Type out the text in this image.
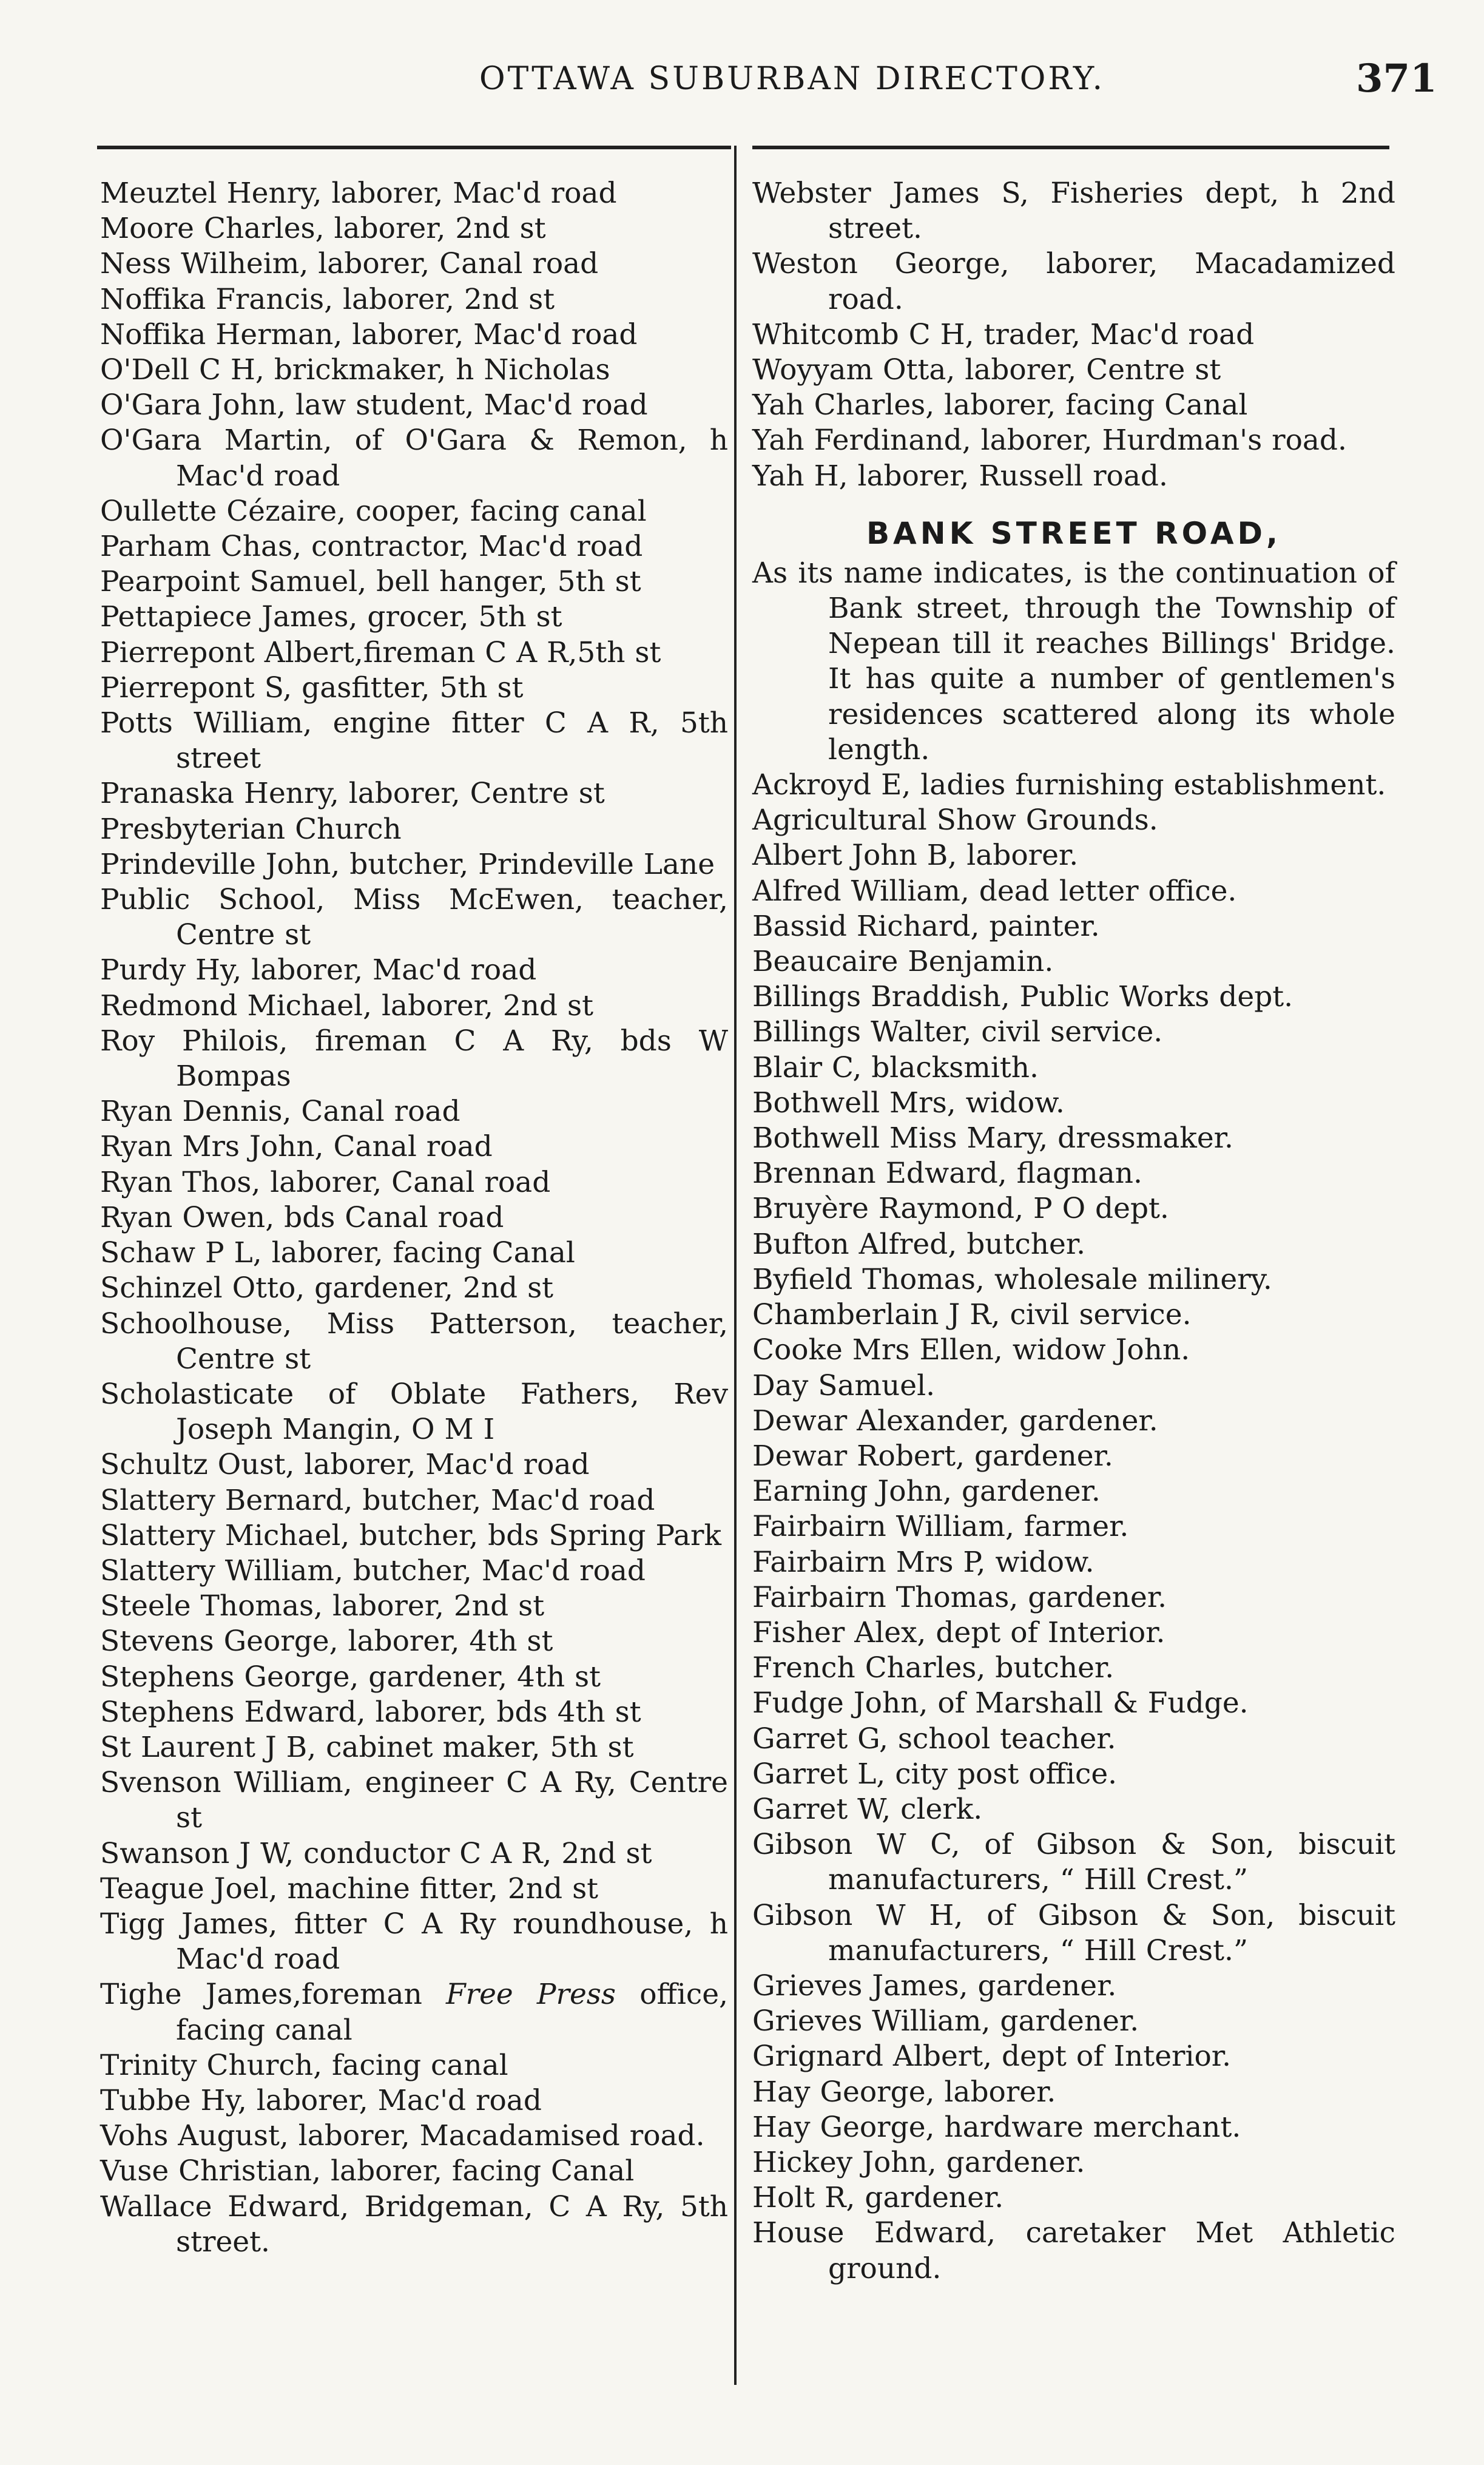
OTTAWA SUBURBAN DIRECTORY.	371

Meuztel Henry, laborer, Mac'd road

Moore Charles, laborer, 2nd st

Ness Wilheim, laborer, Canal road

Noffika Francis, laborer, 2nd st

Noffika Herman, laborer, Mac'd road

O'Dell C H, brickmaker, h Nicholas

O'Gara John, law student, Mac'd road

O'Gara Martin, of O'Gara & Remon, h Mac'd road

Oullette Cézaire, cooper, facing canal

Parham Chas, contractor, Mac'd road

Pearpoint Samuel, bell hanger, 5th st

Pettapiece James, grocer, 5th st

Pierrepont Albert,fireman C A R,5th st

Pierrepont S, gasfitter, 5th st

Potts William, engine fitter C A R, 5th street

Pranaska Henry, laborer, Centre st

Presbyterian Church

Prindeville John, butcher, Prindeville Lane

Public School, Miss McEwen, teacher, Centre st

Purdy Hy, laborer, Mac'd road

Redmond Michael, laborer, 2nd st

Roy Philois, fireman C A Ry, bds W Bompas

Ryan Dennis, Canal road

Ryan Mrs John, Canal road

Ryan Thos, laborer, Canal road

Ryan Owen, bds Canal road

Schaw P L, laborer, facing Canal

Schinzel Otto, gardener, 2nd st

Schoolhouse, Miss Patterson, teacher, Centre st

Scholasticate of Oblate Fathers, Rev Joseph Mangin, O M I

Schultz Oust, laborer, Mac'd road

Slattery Bernard, butcher, Mac'd road

Slattery Michael, butcher, bds Spring Park

Slattery William, butcher, Mac'd road

Steele Thomas, laborer, 2nd st

Stevens George, laborer, 4th st

Stephens George, gardener, 4th st

Stephens Edward, laborer, bds 4th st

St Laurent J B, cabinet maker, 5th st

Svenson William, engineer C A Ry, Centre st

Swanson J W, conductor C A R, 2nd st

Teague Joel, machine fitter, 2nd st

Tigg James, fitter C A Ry roundhouse, h Mac'd road

Tighe James,foreman Free Press office, facing canal

Trinity Church, facing canal

Tubbe Hy, laborer, Mac'd road

Vohs August, laborer, Macadamised road.

Vuse Christian, laborer, facing Canal

Wallace Edward, Bridgeman, C A Ry, 5th street.

Webster James S, Fisheries dept, h 2nd street.

Weston George, laborer, Macadamized road.

Whitcomb C H, trader, Mac'd road

Woyyam Otta, laborer, Centre st

Yah Charles, laborer, facing Canal

Yah Ferdinand, laborer, Hurdman's road.

Yah H, laborer, Russell road.

BANK STREET ROAD,

As its name indicates, is the continuation of Bank street, through the Township of Nepean till it reaches Billings' Bridge. It has quite a number of gentlemen's residences scattered along its whole length.

Ackroyd E, ladies furnishing establishment.

Agricultural Show Grounds.

Albert John B, laborer.

Alfred William, dead letter office.

Bassid Richard, painter.

Beaucaire Benjamin.

Billings Braddish, Public Works dept.

Billings Walter, civil service.

Blair C, blacksmith.

Bothwell Mrs, widow.

Bothwell Miss Mary, dressmaker.

Brennan Edward, flagman.

Bruyère Raymond, P O dept.

Bufton Alfred, butcher.

Byfield Thomas, wholesale milinery.

Chamberlain J R, civil service.

Cooke Mrs Ellen, widow John.

Day Samuel.

Dewar Alexander, gardener.

Dewar Robert, gardener.

Earning John, gardener.

Fairbairn William, farmer.

Fairbairn Mrs P, widow.

Fairbairn Thomas, gardener.

Fisher Alex, dept of Interior.

French Charles, butcher.

Fudge John, of Marshall & Fudge.

Garret G, school teacher.

Garret L, city post office.

Garret W, clerk.

Gibson W C, of Gibson & Son, biscuit manufacturers, “ Hill Crest.”

Gibson W H, of Gibson & Son, biscuit manufacturers, “ Hill Crest.”

Grieves James, gardener.

Grieves William, gardener.

Grignard Albert, dept of Interior.

Hay George, laborer.

Hay George, hardware merchant.

Hickey John, gardener.

Holt R, gardener.

House Edward, caretaker Met Athletic ground.
